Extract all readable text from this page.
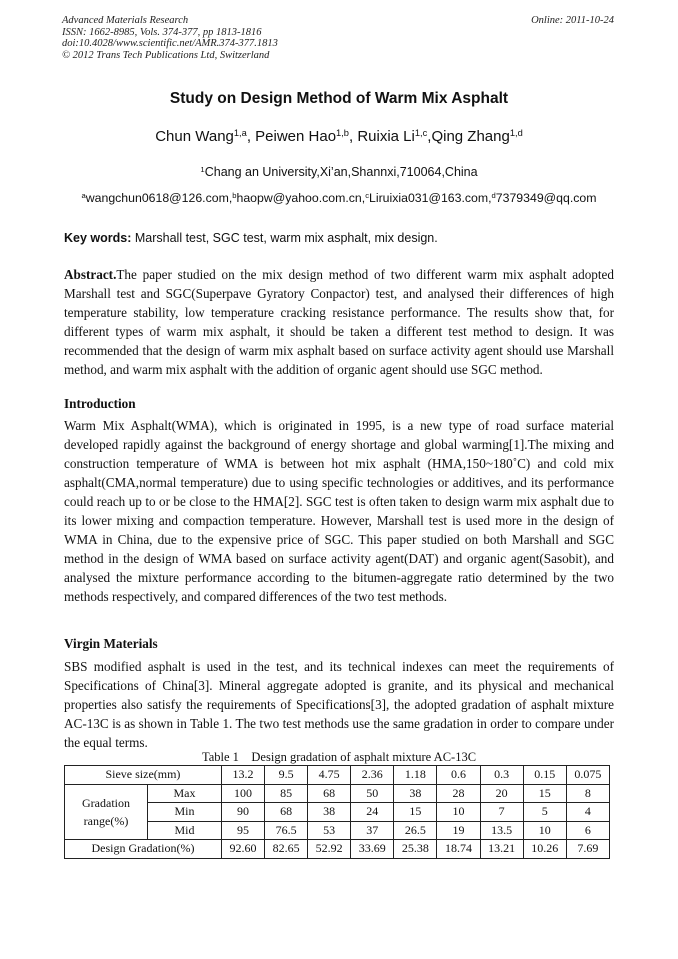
Advanced Materials Research
ISSN: 1662-8985, Vols. 374-377, pp 1813-1816
doi:10.4028/www.scientific.net/AMR.374-377.1813
© 2012 Trans Tech Publications Ltd, Switzerland
Online: 2011-10-24
Study on Design Method of Warm Mix Asphalt
Chun Wang$^{1,a}$, Peiwen Hao$^{1,b}$, Ruixia Li$^{1,c}$,Qing Zhang$^{1,d}$
$^1$Chang an University,Xi’an,Shannxi,710064,China
$^a$wangchun0618@126.com,$^b$haopw@yahoo.com.cn,$^c$Liruixia031@163.com,$^d$7379349@qq.com
Key words: Marshall test, SGC test, warm mix asphalt, mix design.
Abstract.The paper studied on the mix design method of two different warm mix asphalt adopted Marshall test and SGC(Superpave Gyratory Conpactor) test, and analysed their differences of high temperature stability, low temperature cracking resistance performance. The results show that, for different types of warm mix asphalt, it should be taken a different test method to design. It was recommended that the design of warm mix asphalt based on surface activity agent should use Marshall method, and warm mix asphalt with the addition of organic agent should use SGC method.
Introduction
Warm Mix Asphalt(WMA), which is originated in 1995, is a new type of road surface material developed rapidly against the background of energy shortage and global warming[1].The mixing and construction temperature of WMA is between hot mix asphalt (HMA,150~180˚C) and cold mix asphalt(CMA,normal temperature) due to using specific technologies or additives, and its performance could reach up to or be close to the HMA[2]. SGC test is often taken to design warm mix asphalt due to its lower mixing and compaction temperature. However, Marshall test is used more in the design of WMA in China, due to the expensive price of SGC. This paper studied on both Marshall and SGC method in the design of WMA based on surface activity agent(DAT) and organic agent(Sasobit), and analysed the mixture performance according to the bitumen-aggregate ratio determined by the two methods respectively, and compared differences of the two test methods.
Virgin Materials
SBS modified asphalt is used in the test, and its technical indexes can meet the requirements of Specifications of China[3]. Mineral aggregate adopted is granite, and its physical and mechanical properties also satisfy the requirements of Specifications[3], the adopted gradation of asphalt mixture AC-13C is as shown in Table 1. The two test methods use the same gradation in order to compare under the equal terms.
Table 1    Design gradation of asphalt mixture AC-13C
Sieve size(mm)		13.2	9.5	4.75	2.36	1.18	0.6	0.3	0.15	0.075

Gradation
range(%)	Max	100	85	68	50	38	28	20	15	8
	Min	90	68	38	24	15	10	7	5	4
	Mid	95	76.5	53	37	26.5	19	13.5	10	6
Design Gradation(%)		92.60	82.65	52.92	33.69	25.38	18.74	13.21	10.26	7.69
